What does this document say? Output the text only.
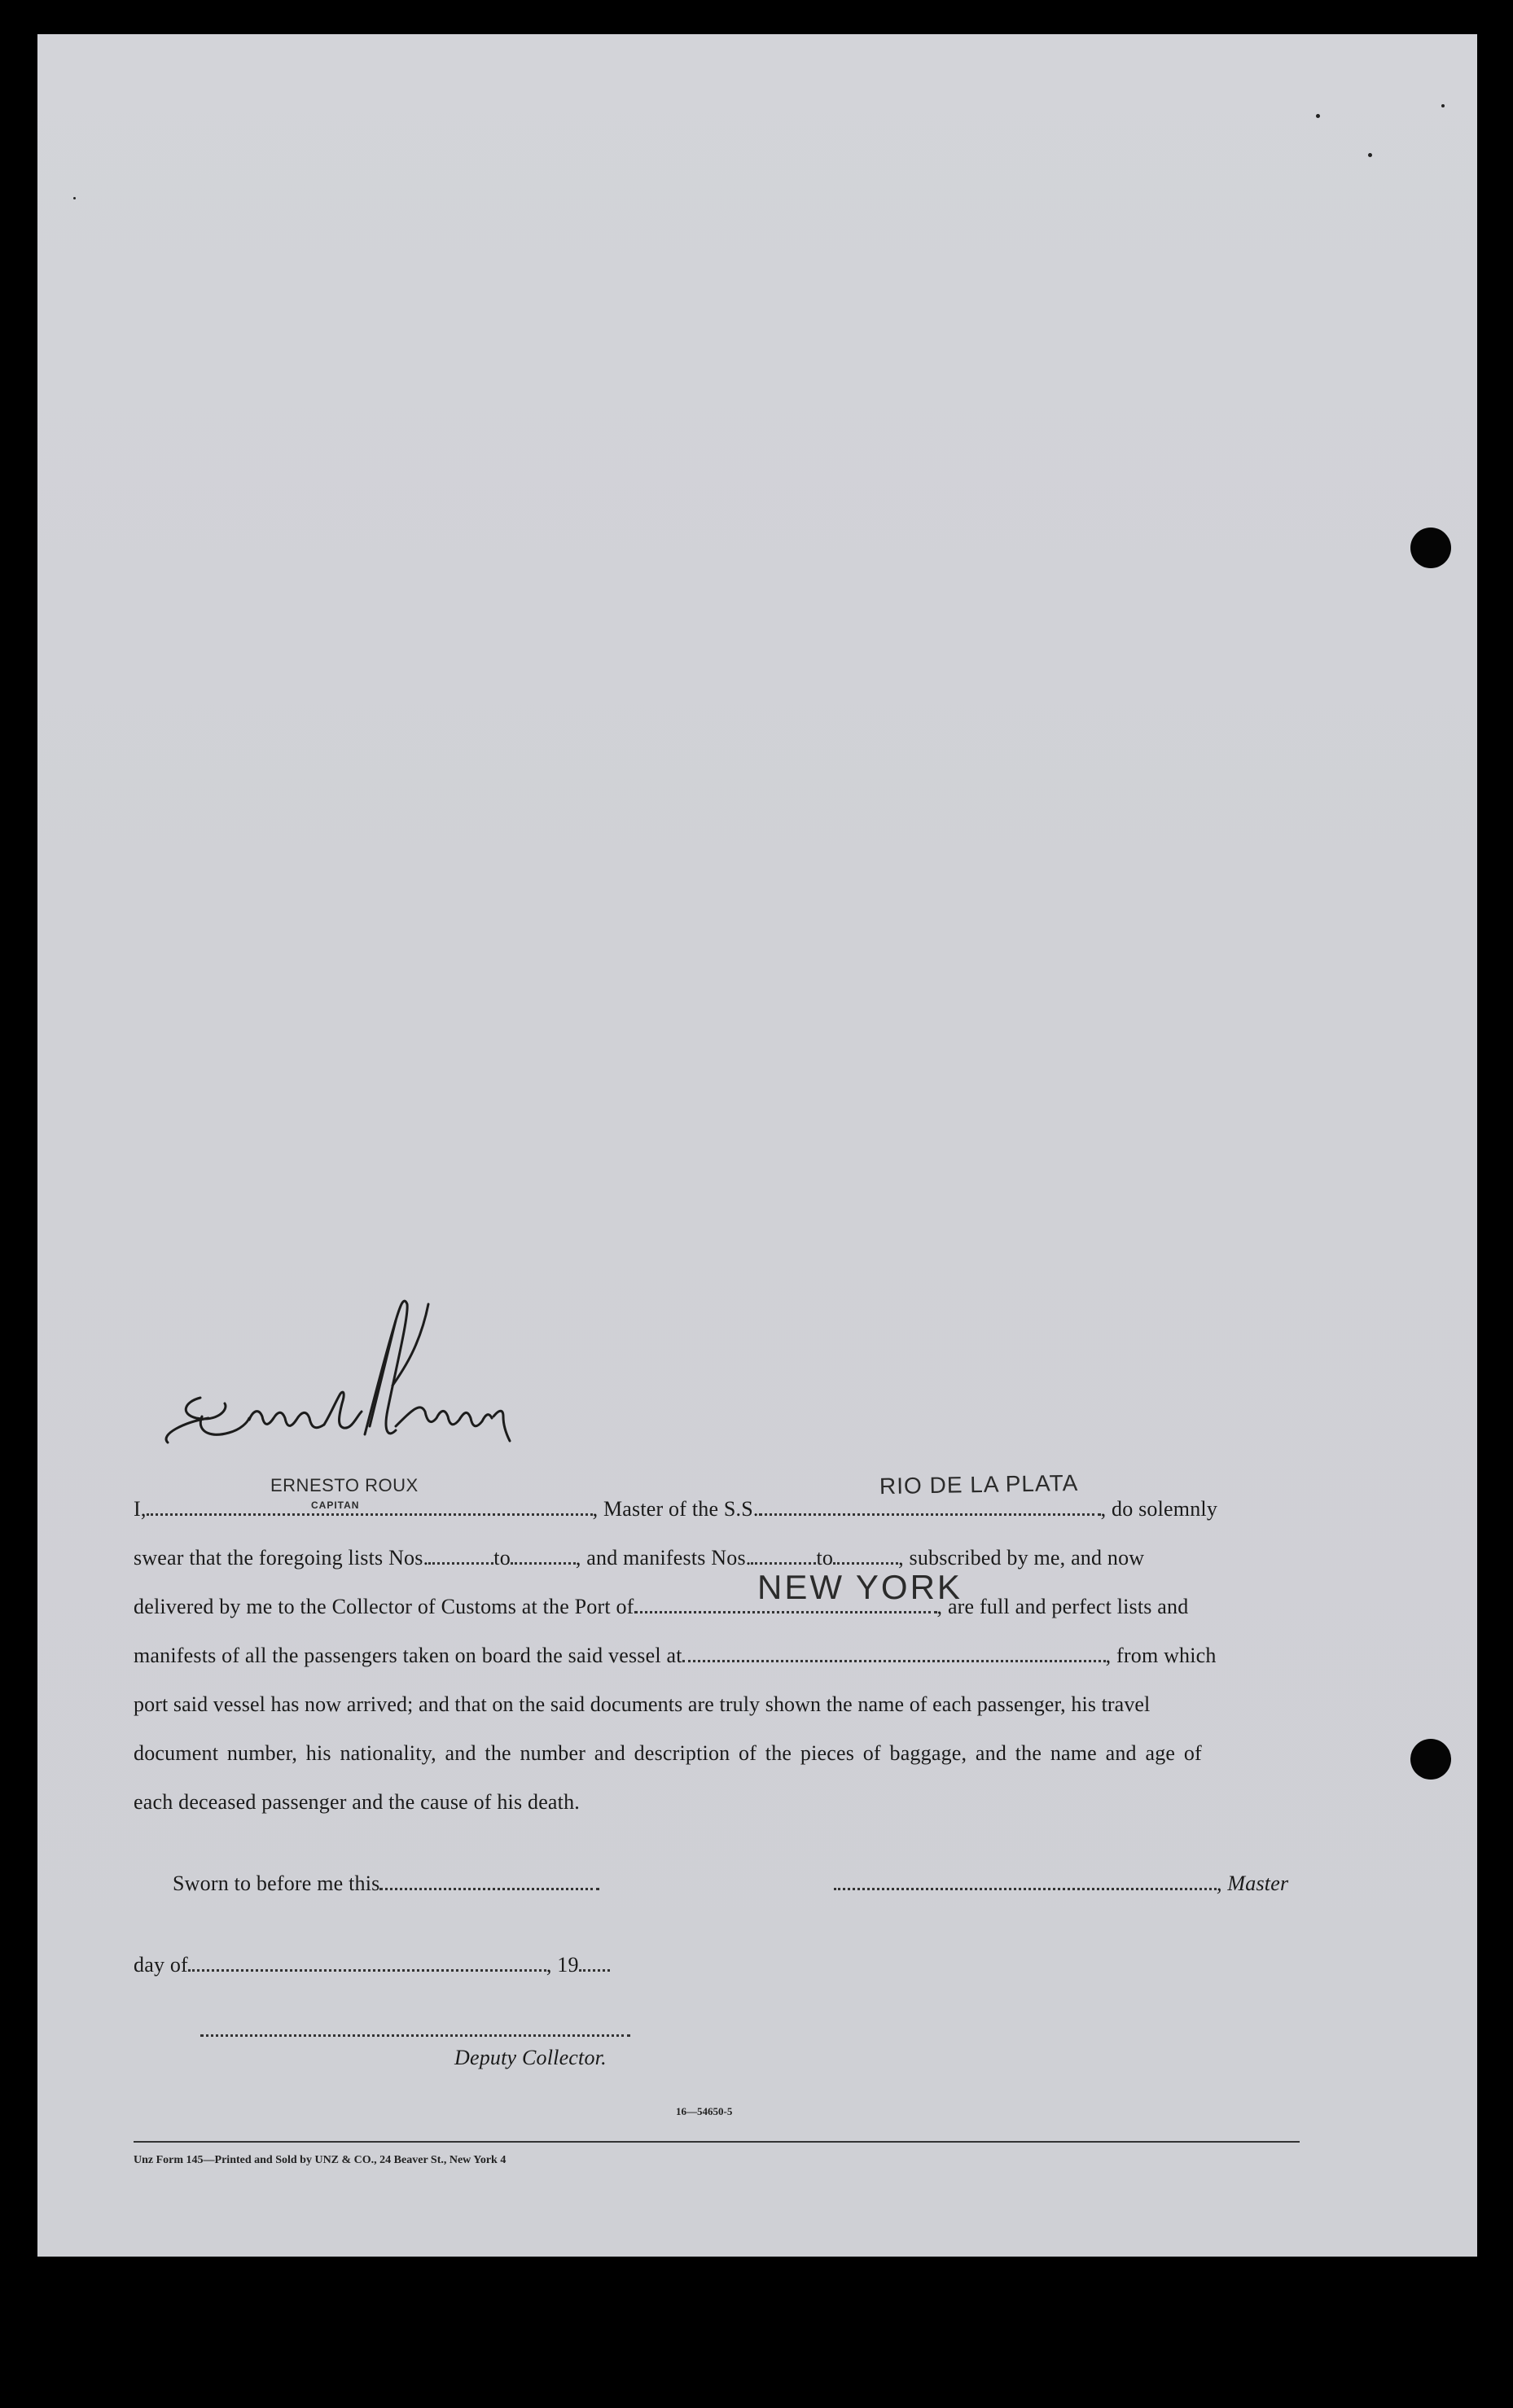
ERNESTO ROUX
CAPITAN
RIO DE LA PLATA
NEW YORK
I,	, Master of the S.S.	, do solemnly
swear that the foregoing lists Nos.	to	, and manifests Nos.	to	, subscribed by me, and now
delivered by me to the Collector of Customs at the Port of	, are full and perfect lists and
manifests of all the passengers taken on board the said vessel at	, from which
port said vessel has now arrived; and that on the said documents are truly shown the name of each passenger, his travel
document number, his nationality, and the number and description of the pieces of baggage, and the name and age of
each deceased passenger and the cause of his death.
Sworn to before me this	, Master
day of	, 19
Deputy Collector.
16—54650-5
Unz Form 145—Printed and Sold by UNZ & CO., 24 Beaver St., New York 4
